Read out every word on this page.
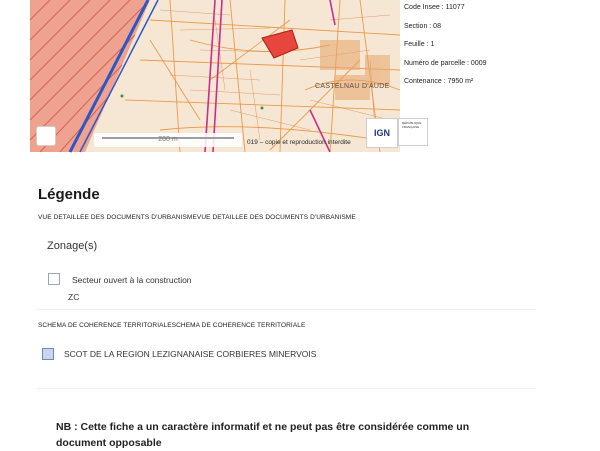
CASTELNAU D'AUDE
200 m	019 – copie et reproduction interdite
IGN
RÉPUBLIQUE FRANÇAISE
Code Insee : 11077
Section : 08
Feuille : 1
Numéro de parcelle : 0009
Contenance : 7950 m²
Légende
VUE DETAILLEE DES DOCUMENTS D'URBANISMEVUE DETAILLEE DES DOCUMENTS D'URBANISME
Zonage(s)
Secteur ouvert à la construction
ZC
SCHEMA DE COHERENCE TERRITORIALESCHEMA DE COHERENCE TERRITORIALE
SCOT DE LA REGION LEZIGNANAISE CORBIERES MINERVOIS
NB : Cette fiche a un caractère informatif et ne peut pas être considérée comme un document opposable
